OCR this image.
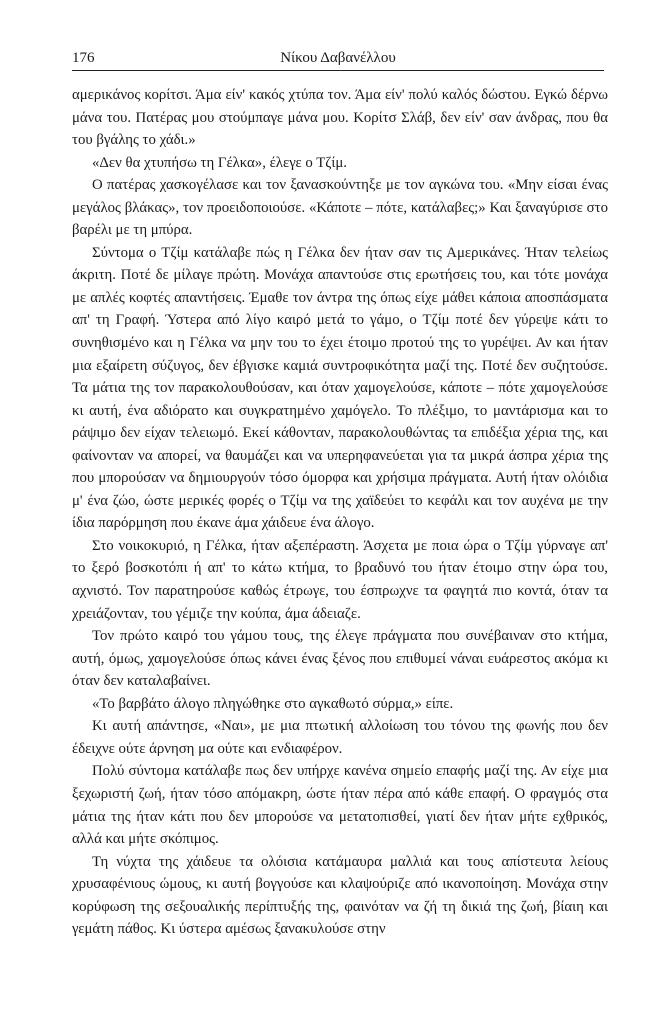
176	Νίκου Δαβανέλλου

αμερικάνος κορίτσι. Άμα είν' κακός χτύπα τον. Άμα είν' πολύ καλός δώστου. Εγκώ δέρνω μάνα του. Πατέρας μου στούμπαγε μάνα μου. Κορίτσ Σλάβ, δεν είν' σαν άνδρας, που θα του βγάλης το χάδι.»

«Δεν θα χτυπήσω τη Γέλκα», έλεγε ο Τζίμ.

Ο πατέρας χασκογέλασε και τον ξανασκούντηξε με τον αγκώνα του. «Μην είσαι ένας μεγάλος βλάκας», τον προειδοποιούσε. «Κάποτε – πότε, κατάλαβες;» Και ξαναγύρισε στο βαρέλι με τη μπύρα.

Σύντομα ο Τζίμ κατάλαβε πώς η Γέλκα δεν ήταν σαν τις Αμερικάνες. Ήταν τελείως άκριτη. Ποτέ δε μίλαγε πρώτη. Μονάχα απαντούσε στις ερωτήσεις του, και τότε μονάχα με απλές κοφτές απαντήσεις. Έμαθε τον άντρα της όπως είχε μάθει κάποια αποσπάσματα απ' τη Γραφή. Ύστερα από λίγο καιρό μετά το γάμο, ο Τζίμ ποτέ δεν γύρεψε κάτι το συνηθισμένο και η Γέλκα να μην του το έχει έτοιμο προτού της το γυρέψει. Αν και ήταν μια εξαίρετη σύζυγος, δεν έβγισκε καμιά συντροφικότητα μαζί της. Ποτέ δεν συζητούσε. Τα μάτια της τον παρακολουθούσαν, και όταν χαμογελούσε, κάποτε – πότε χαμογελούσε κι αυτή, ένα αδιόρατο και συγκρατημένο χαμόγελο. Το πλέξιμο, το μαντάρισμα και το ράψιμο δεν είχαν τελειωμό. Εκεί κάθονταν, παρακολουθώντας τα επιδέξια χέρια της, και φαίνονταν να απορεί, να θαυμάζει και να υπερηφανεύεται για τα μικρά άσπρα χέρια της που μπορούσαν να δημιουργούν τόσο όμορφα και χρήσιμα πράγματα. Αυτή ήταν ολόιδια μ' ένα ζώο, ώστε μερικές φορές ο Τζίμ να της χαϊδεύει το κεφάλι και τον αυχένα με την ίδια παρόρμηση που έκανε άμα χάιδευε ένα άλογο.

Στο νοικοκυριό, η Γέλκα, ήταν αξεπέραστη. Άσχετα με ποια ώρα ο Τζίμ γύρναγε απ' το ξερό βοσκοτόπι ή απ' το κάτω κτήμα, το βραδυνό του ήταν έτοιμο στην ώρα του, αχνιστό. Τον παρατηρούσε καθώς έτρωγε, του έσπρωχνε τα φαγητά πιο κοντά, όταν τα χρειάζονταν, του γέμιζε την κούπα, άμα άδειαζε.

Τον πρώτο καιρό του γάμου τους, της έλεγε πράγματα που συνέβαιναν στο κτήμα, αυτή, όμως, χαμογελούσε όπως κάνει ένας ξένος που επιθυμεί νάναι ευάρεστος ακόμα κι όταν δεν καταλαβαίνει.

«Το βαρβάτο άλογο πληγώθηκε στο αγκαθωτό σύρμα,» είπε.

Κι αυτή απάντησε, «Ναι», με μια πτωτική αλλοίωση του τόνου της φωνής που δεν έδειχνε ούτε άρνηση μα ούτε και ενδιαφέρον.

Πολύ σύντομα κατάλαβε πως δεν υπήρχε κανένα σημείο επαφής μαζί της. Αν είχε μια ξεχωριστή ζωή, ήταν τόσο απόμακρη, ώστε ήταν πέρα από κάθε επαφή. Ο φραγμός στα μάτια της ήταν κάτι που δεν μπορούσε να μετατοπισθεί, γιατί δεν ήταν μήτε εχθρικός, αλλά και μήτε σκόπιμος.

Τη νύχτα της χάιδευε τα ολόισια κατάμαυρα μαλλιά και τους απίστευτα λείους χρυσαφένιους ώμους, κι αυτή βογγούσε και κλαψούριζε από ικανοποίηση. Μονάχα στην κορύφωση της σεξουαλικής περίπτυξής της, φαινόταν να ζή τη δικιά της ζωή, βίαιη και γεμάτη πάθος. Κι ύστερα αμέσως ξανακυλούσε στην
